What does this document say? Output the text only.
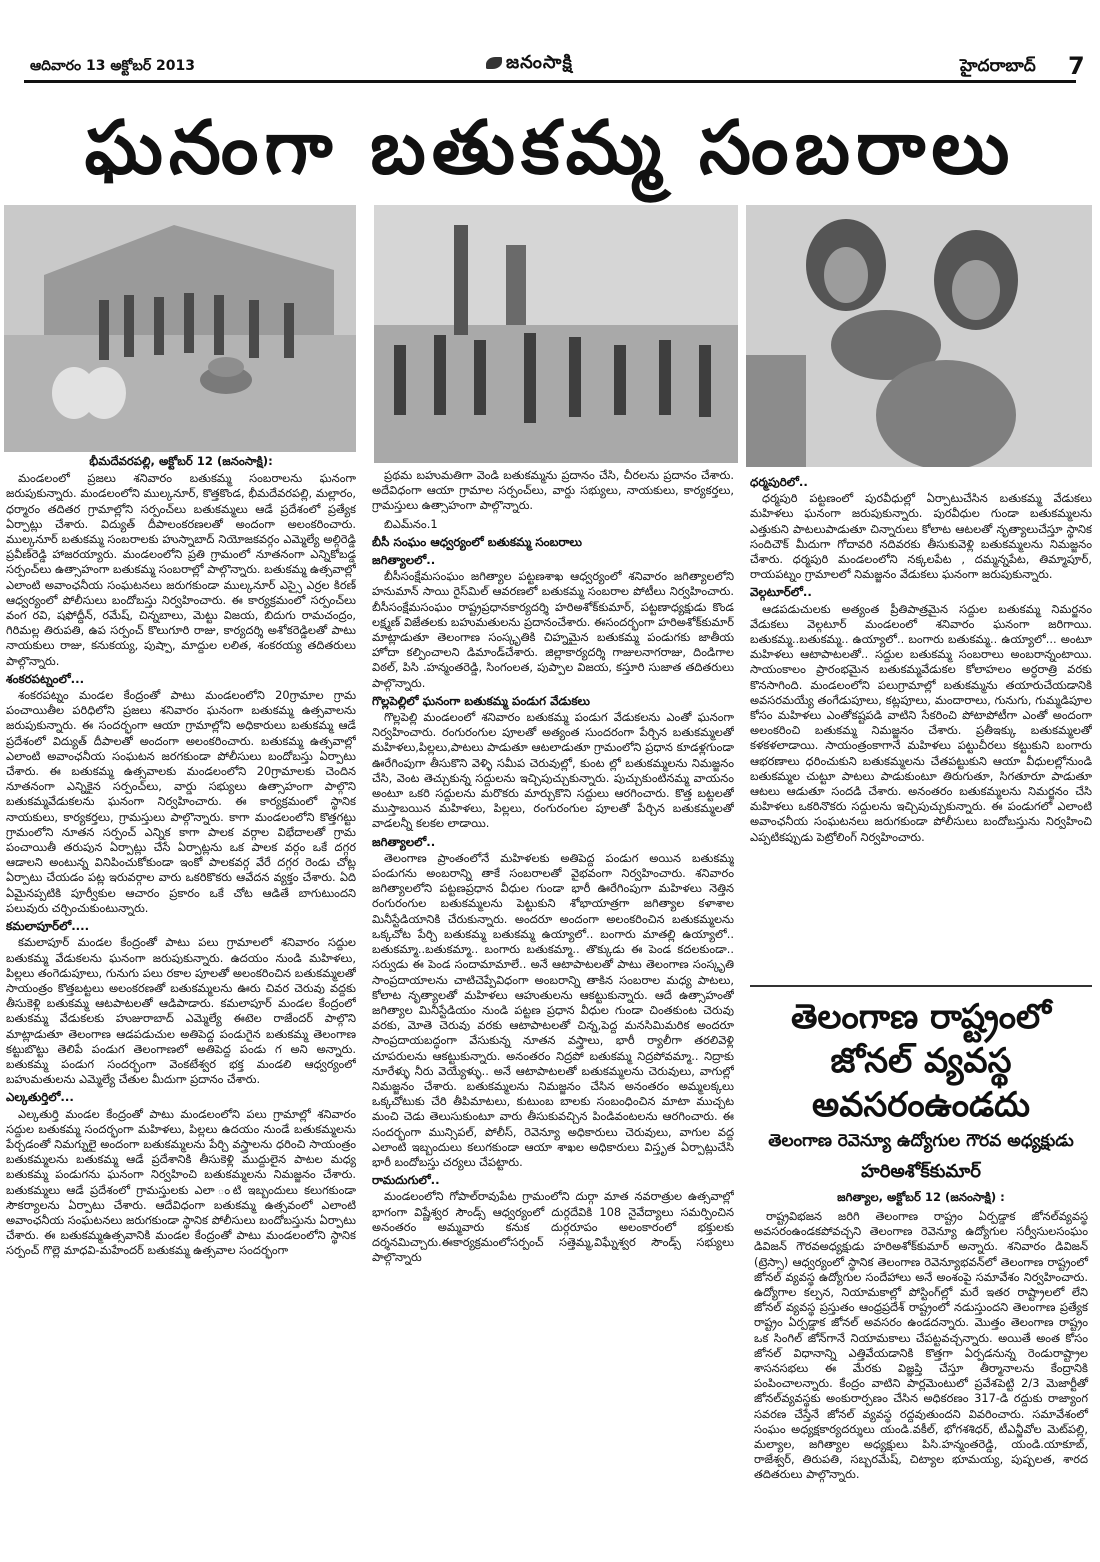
ఆదివారం 13 అక్టోబర్ 2013	జనంసాక్షి	హైదరాబాద్ 7
ఘనంగా బతుకమ్మ సంబరాలు
భీమదేవరపల్లి, అక్టోబర్ 12 (జనంసాక్షి):

మండలంలో ప్రజలు శనివారం బతుకమ్మ సంబరాలను ఘనంగా జరుపుకున్నారు. మండలంలోని ముల్కనూర్, కొత్తకొండ, భీమదేవరపల్లి, మల్లారం, ధర్మారం తదితర గ్రామాల్లోని సర్పంచ్‌లు బతుకమ్మలు ఆడే ప్రదేశంలో ప్రత్యేక ఏర్పాట్లు చేశారు. విద్యుత్ దీపాలంకరణలతో అందంగా అలంకరించారు. ముల్కనూర్ బతుకమ్మ సంబరాలకు హుస్నాబాద్ నియోజకవర్గం ఎమ్మెల్యే అల్గిరెడ్డి ప్రవీణ్‌రెడ్డి హాజరయ్యారు. మండలంలోని ప్రతి గ్రామంలో నూతనంగా ఎన్నికోబడ్డ సర్పంచ్‌లు ఉత్సాహంగా బతుకమ్మ సంబరాల్లో పాల్గొన్నారు. బతుకమ్మ ఉత్సవాల్లో ఎలాంటి అవాంఛనీయ సంఘటనలు జరుగకుండా ముల్కనూర్ ఎస్సై ఎర్రల కిరణ్ ఆధ్వర్యంలో పోలీసులు బందోబస్తు నిర్వహించారు. ఈ కార్యక్రమంలో సర్పంచ్‌లు వంగ రవి, షఫోద్దీన్, రమేష్, చిన్నబాలు, మెట్టు విజయ, బిదుగు రామచంద్రం, గిరిమల్ల తిరుపతి, ఉప సర్పంచ్ కొలుగూరి రాజు, కార్యదర్శి అశోకరెడ్డిలతో పాటు నాయకులు రాజు, కనుకయ్య, పుష్పా, మాద్దుల లలిత, శంకరయ్య తదితరులు పాల్గొన్నారు.

శంకరపట్నంలో...

శంకరపట్నం మండల కేంద్రంతో పాటు మండలంలోని 20గ్రామాల గ్రామ పంచాయితీల పరిధిలోని ప్రజలు శనివారం ఘనంగా బతుకమ్మ ఉత్సవాలను జరుపుకున్నారు. ఈ సందర్భంగా ఆయా గ్రామాల్లోని అధికారులు బతుకమ్మ ఆడే ప్రదేశంలో విద్యుత్ దీపాలతో అందంగా అలంకరించారు. బతుకమ్మ ఉత్సవాల్లో ఎలాంటి అవాంఛనీయ సంఘటన జరగకుండా పోలీసులు బందోబస్తు ఏర్పాటు చేశారు. ఈ బతుకమ్మ ఉత్సవాలకు మండలంలోని 20గ్రామాలకు చెందిన నూతనంగా ఎన్నికైన సర్పంచ్‌లు, వార్డు సభ్యులు ఉత్సాహంగా పాల్గొని బతుకమ్మవేడుకలను ఘనంగా నిర్వహించారు. ఈ కార్యక్రమంలో స్థానిక నాయకులు, కార్యకర్తలు, గ్రామస్తులు పాల్గొన్నారు. కాగా మండలంలోని కొత్తగట్టు గ్రామంలోని నూతన సర్పంచ్ ఎన్నిక కాగా పాలక వర్గాల విభేదాలతో గ్రామ పంచాయితీ తరుపున ఏర్పాట్లు చేసే ఏర్పాట్లను ఒక పాలక వర్గం ఒకే దగ్గర ఆడాలని అంటున్న వినిపించుకోకుండా ఇంకో పాలకవర్గ వేరే దగ్గర రెండు చోట్ల ఏర్పాటు చేయడం పట్ల ఇరువర్గాల వారు ఒకరికొకరు ఆవేదన వ్యక్తం చేశారు. ఏది ఏమైనప్పటికి పూర్వీకుల ఆచారం ప్రకారం ఒకే చోట ఆడితే బాగుటుందని పలువురు చర్చించుకుంటున్నారు.

కమలాపూర్‌లో....

కమలాపూర్ మండల కేంద్రంతో పాటు పలు గ్రామాలలో శనివారం సద్దుల బతుకమ్మ వేడుకలను ఘనంగా జరుపుకున్నారు. ఉదయం నుండి మహిళలు, పిల్లలు తంగెడుపూలు, గునుగు పలు రకాల పూలతో అలంకరించిన బతుకమ్మలతో సాయంత్రం కొత్తబట్టలు అలంకరణతో బతుకమ్మలను ఊరు చివర చెరువు వద్దకు తీసుకెళ్లి బతుకమ్మ ఆటపాటలతో ఆడిపాడారు. కమలాపూర్ మండల కేంద్రంలో బతుకమ్మ వేడుకలకు హుజురాబాద్ ఎమ్మెల్యే ఈటెల రాజేందర్ పాల్గొని మాట్లాడుతూ తెలంగాణ ఆడపడుచుల అతిపెద్ద పండుగైన బతుకమ్మ తెలంగాణ కట్టుబొట్టు తెలిపే పండుగ తెలంగాణలో అతిపెద్ద పండు గ అని అన్నారు. బతుకమ్మ పండుగ సందర్భంగా వెంకటేశ్వర భక్త మండలి ఆధ్వర్యంలో బహుమతులను ఎమ్మెల్యే చేతుల మీదుగా ప్రదానం చేశారు.

ఎల్కతుర్తిలో...

ఎల్కతుర్తి మండల కేంద్రంతో పాటు మండలంలోని పలు గ్రామాల్లో శనివారం సద్దుల బతుకమ్మ సందర్భంగా మహిళలు, పిల్లలు ఉదయం నుండే బతుకమ్మలను పేర్చడంతో నిమగ్నులై అందంగా బతుకమ్మలను పేర్చి వస్త్రాలను ధరించి సాయంత్రం బతుకమ్మలను బతుకమ్మ ఆడే ప్రదేశానికి తీసుకెళ్లి ముద్దులైన పాటల మధ్య బతుకమ్మ పండుగను ఘనంగా నిర్వహించి బతుకమ్మలను నిమజ్జనం చేశారు. బతుకమ్మలు ఆడే ప్రదేశంలో గ్రామస్తులకు ఎలా ంటి ఇబ్బందులు కలుగకుండా సౌకర్యాలను ఏర్పాటు చేశారు. ఆదేవిధంగా బతుకమ్మ ఉత్సవంలో ఎలాంటి అవాంఛనీయ సంఘటనలు జరుగకుండా స్థానిక పోలీసులు బందోబస్తును ఏర్పాటు చేశారు. ఈ బతుకమ్మఉత్సవానికి మండల కేంద్రంతో పాటు మండలంలోని స్థానిక సర్పంచ్ గొల్లె మాధవి-మహేందర్ బతుకమ్మ ఉత్సవాల సందర్భంగా

ప్రథమ బహుమతిగా వెండి బతుకమ్మను ప్రదానం చేసి, చీరలను ప్రదానం చేశారు. అదేవిధంగా ఆయా గ్రామాల సర్పంచ్‌లు, వార్డు సభ్యులు, నాయకులు, కార్యకర్తలు, గ్రామస్తులు ఉత్సాహంగా పాల్గొన్నారు.

బిఎమ్‌నం.1

బీసీ సంఘం ఆధ్వర్యంలో బతుకమ్మ సంబరాలు
జగిత్యాలలో..

బీసీసంక్షేమసంఘం జగిత్యాల పట్టణశాఖ ఆధ్వర్యంలో శనివారం జగిత్యాలలోని హనుమాన్ సాయి రైస్‌మిల్ ఆవరణలో బతుకమ్మ సంబరాల పోటీలు నిర్వహించారు. బీసీసంక్షేమసంఘం రాష్ట్రప్రధానకార్యదర్శి హరిఅశోక్‌కుమార్, పట్టణాధ్యక్షుడు కొండ లక్ష్మణ్ విజేతలకు బహుమతులను ప్రదానంచేశారు. ఈసందర్భంగా హరిఅశోక్‌కుమార్ మాట్లాడుతూ తెలంగాణ సంస్కృతికి చిహ్నమైన బతుకమ్మ పండుగకు జాతీయ హోదా కల్పించాలని డిమాండ్‌చేశారు. జిల్లాకార్యదర్శి గాజులనాగరాజు, దిండిగాల విఠల్, పిసి .హన్మంతరెడ్డి, సింగంలత, పుప్పాల విజయ, కస్తూరి సుజాత తదితరులు పాల్గొన్నారు.

గొల్లపెల్లిలో ఘనంగా బతుకమ్మ పండుగ వేడుకలు

గొల్లపెల్లి మండలంలో శనివారం బతుకమ్మ పండుగ వేడుకలను ఎంతో ఘనంగా నిర్వహించారు. రంగురంగుల పూలతో అత్యంత సుందరంగా పేర్చిన బతుకమ్మలతో మహిళలు,పిల్లలు,పాటలు పాడుతూ ఆటలాడుతూ గ్రామంలోని ప్రధాన కూడళ్లగుండా ఊరేగింపుగా తీసుకొని వెళ్ళి సమీప చెరువుల్లో, కుంట ల్లో బతుకమ్మలను నిమజ్జనం చేసి, వెంట తెచ్చుకున్న సద్దులను ఇచ్చిపుచ్చుకున్నారు. పుచ్చుకుంటినమ్మ వాయనం అంటూ ఒకరి సద్దులను మరొకరు మార్చుకొని సద్దులు ఆరగించారు. కొత్త బట్టలతో ముస్తాబయిన మహిళలు, పిల్లలు, రంగురంగుల పూలతో పేర్చిన బతుకమ్మలతో వాడలన్నీ కలకల లాడాయి.

జగిత్యాలలో..

తెలంగాణ ప్రాంతంలోనే మహిళలకు అతిపెద్ద పండుగ అయిన బతుకమ్మ పండుగను అంబరాన్ని తాకే సంబరాలతో వైభవంగా నిర్వహించారు. శనివారం జగిత్యాలలోని పట్టణప్రధాన వీధుల గుండా భారీ ఊరేగింపుగా మహిళలు నెత్తిన రంగురంగుల బతుకమ్మలను పెట్టుకుని శోభాయాత్రగా జగిత్యాల కళాశాల మినీస్టేడియానికి చేరుకున్నారు. అందరూ అందంగా అలంకరించిన బతుకమ్మలను ఒక్కచోట పేర్చి బతుకమ్మ బతుకమ్మ ఉయ్యాలో.. బంగారు మాతల్లి ఉయ్యాలో.. బతుకమ్మా..బతుకమ్మా.. బంగారు బతుకమ్మా.. తొక్కుడు ఈ పెండ కదలకుండా.. సర్వుడు ఈ పెండ సందామామాలే.. అనే ఆటాపాటలతో పాటు తెలంగాణ సంస్కృతి సాంప్రదాయాలను చాటిచెప్పేవిధంగా అంబరాన్ని తాకిన సంబరాల మధ్య పాటలు, కోలాట నృత్యాలతో మహిళలు ఆహుతులను ఆకట్టుకున్నారు. ఆదే ఉత్సాహంతో జగిత్యాల మినీస్టేడియం నుండి పట్టణ ప్రధాన వీధుల గుండా చింతకుంట చెరువు వరకు, మోతె చెరువు వరకు ఆటాపాటలతో చిన్న,పెద్ద మనసిమిమరిక అందరూ సాంప్రదాయబద్ధంగా వేసుకున్న నూతన వస్త్రాలు, భారీ ర్యాలీగా తరలివెళ్లి చూపరులను ఆకట్టుకున్నారు. అనంతరం నిద్రపో బతుకమ్మ నిద్రపోవమ్మా.. నిద్రాకు నూరేళ్ళు నీరు వెయ్యేళ్ళు.. అనే ఆటాపాటలతో బతుకమ్మలను చెరువులు, వాగుల్లో నిమజ్జనం చేశారు. బతుకమ్మలను నిమజ్జనం చేసిన అనంతరం అమ్మలక్కలు ఒక్కచోటుకు చేరి తీపిమాటలు, కుటుంబ బాలకు సంబంధించిన మాటా ముచ్చట మంచి చెడు తెలుసుకుంటూ వారు తీసుకువచ్చిన పిండివంటలను ఆరగించారు. ఈ సందర్భంగా మున్సిపల్, పోలీస్, రెవెన్యూ అధికారులు చెరువులు, వాగుల వద్ద ఎలాంటి ఇబ్బందులు కలుగకుండా ఆయా శాఖల అధికారులు విస్తృత ఏర్పాట్లుచేసి భారీ బందోబస్తు చర్యలు చేపట్టారు.

రామదుగులో..

మండలంలోని గోపాల్‌రావుపేట గ్రామంలోని దుర్గా మాత నవరాత్రుల ఉత్సవాల్లో భాగంగా విష్ణేశ్వర సౌండ్స్ ఆధ్వర్యంలో దుర్గదేవికి 108 నైవేద్యాలు సమర్పించిన అనంతరం అమ్మవారు కనుక దుర్గరూపం అలంకారంలో భక్తులకు దర్శనమిచ్చారు.ఈకార్యక్రమంలోసర్పంచ్ సత్తెమ్మ,విఘ్నేశ్వర సౌండ్స్ సభ్యులు పాల్గొన్నారు

ధర్మపురిలో..

ధర్మపురి పట్టణంలో పురవీధుల్లో ఏర్పాటుచేసిన బతుకమ్మ వేడుకలు మహిళలు ఘనంగా జరుపుకున్నారు. పురవీధుల గుండా బతుకమ్మలను ఎత్తుకుని పాటలుపాడుతూ చిన్నారులు కోలాట ఆటలతో నృత్యాలుచేస్తూ స్థానిక సందిచౌక్ మీదుగా గోదావరి నదివరకు తీసుకువెళ్లి బతుకమ్మలను నిమజ్జనం చేశారు. ధర్మపురి మండలంలోని నక్కలపేట , దమ్మన్నపేట, తిమ్మాపూర్, రాయపట్నం గ్రామాలలో నిమజ్జనం వేడుకలు ఘనంగా జరుపుకున్నారు.

వెల్గటూర్‌లో..

ఆడపడుచులకు అత్యంత ప్రీతిపాత్రమైన సద్దుల బతుకమ్మ నిమర్జనం వేడుకలు వెల్గటూర్ మండలంలో శనివారం ఘనంగా జరిగాయి. బతుకమ్మ..బతుకమ్మ.. ఉయ్యాలో.. బంగారు బతుకమ్మ.. ఉయ్యాలో... అంటూ మహిళలు ఆటాపాటలతో.. సద్దుల బతుకమ్మ సంబరాలు అంబరాన్నంటాయి. సాయంకాలం ప్రారంభమైన బతుకమ్మవేడుకల కోలాహలం అర్ధరాత్రి వరకు కొనసాగింది. మండలంలోని పలుగ్రామాల్లో బతుకమ్మను తయారుచేయడానికి అవసరమయ్యే తంగేడుపూలు, కట్లపూలు, మందారాలు, గునుగు, గుమ్మడిపూల కోసం మహిళలు ఎంతోకష్టపడి వాటిని సేకరించి పోటాపోటీగా ఎంతో అందంగా అలంకరించి బతుకమ్మ నిమజ్జనం చేశారు. ప్రతీఇక్కు బతుకమ్మలతో కళకళలాడాయి. సాయంత్రంకాగానే మహిళలు పట్టుచీరలు కట్టుకుని బంగారు ఆభరణాలు ధరించుకుని బతుకమ్మలను చేతపట్టుకుని ఆయా వీధులల్లోనుండి బతుకమ్మల చుట్టూ పాటలు పాడుకుంటూ తిరుగుతూ, సిగతూరూ పాడుతూ ఆటలు ఆడుతూ సందడి చేశారు. అనంతరం బతుకమ్మలను నిమర్జనం చేసి మహిళలు ఒకరినొకరు సద్దులను ఇచ్చిపుచ్చుకున్నారు. ఈ పండుగలో ఎలాంటి అవాంఛనీయ సంఘటనలు జరుగకుండా పోలీసులు బందోబస్తును నిర్వహించి ఎప్పటికప్పుడు పెట్రోలింగ్ నిర్వహించారు.

తెలంగాణ రాష్ట్రంలో జోనల్ వ్యవస్థ అవసరంఉండదు
తెలంగాణ రెవెన్యూ ఉద్యోగుల గౌరవ అధ్యక్షుడు
హరిఅశోక్‌కుమార్
జగిత్యాల, అక్టోబర్ 12 (జనంసాక్షి) :

రాష్ట్రవిభజన జరిగి తెలంగాణ రాష్ట్రం ఏర్పడ్డాక జోనల్‌వ్యవస్థ అవసరంఉండకపోవచ్చని తెలంగాణ రెవెన్యూ ఉద్యోగుల సర్వీసులసంఘం డివిజన్ గౌరవఅధ్యక్షుడు హరిఅశోక్‌కుమార్ అన్నారు. శనివారం డివిజన్ (ట్రెస్సా) ఆధ్వర్యంలో స్థానిక తెలంగాణ రెవెన్యూభవన్‌లో తెలంగాణ రాష్ట్రంలో జోనల్ వ్యవస్థ ఉద్యోగుల సందేహాలు అనే అంశంపై సమావేశం నిర్వహించారు. ఉద్యోగాల కల్పన, నియామకాల్లో పోస్టింగ్‌ల్లో మరే ఇతర రాష్ట్రాలలో లేని జోనల్ వ్యవస్థ ప్రస్తుతం ఆంధ్రప్రదేశ్ రాష్ట్రంలో నడుస్తుందని తెలంగాణ ప్రత్యేక రాష్ట్రం ఏర్పడ్డాక జోనల్ అవసరం ఉండదన్నారు. మొత్తం తెలంగాణ రాష్ట్రం ఒక సింగిల్ జోన్‌గానే నియామకాలు చేపట్టవచ్చన్నారు. అయితే అంత కోసం జోనల్ విధానాన్ని ఎత్తివేయడానికి కొత్తగా ఏర్పడనున్న రెండురాష్ట్రాల శాసనసభలు ఈ మేరకు విజ్ఞప్తి చేస్తూ తీర్మానాలను కేంద్రానికి పంపించాలన్నారు. కేంద్రం వాటిని పార్లమెంటులో ప్రవేశపెట్టి 2/3 మెజార్టీతో జోనల్‌వ్యవస్థకు అంకురార్పణం చేసిన అధికరణం 317-డి రద్దుకు రాజ్యాంగ సవరణ చేస్తేనే జోనల్ వ్యవస్థ రద్దవుతుందని వివరించారు. సమావేశంలో సంఘం అధ్యక్షకార్యదర్శులు యండి.వకీల్, భోగశశిధర్, టీఎన్జీవోల మెట్‌పల్లి, మల్యాల, జగిత్యాల అధ్యక్షులు పిసి.హన్మంతరెడ్డి, యండి.యాకూబ్, రాజేశ్వర్, తిరుపతి, సబ్బరమేష్, చిట్యాల భూమయ్య, పుష్పలత, శారద తదితరులు పాల్గొన్నారు.
